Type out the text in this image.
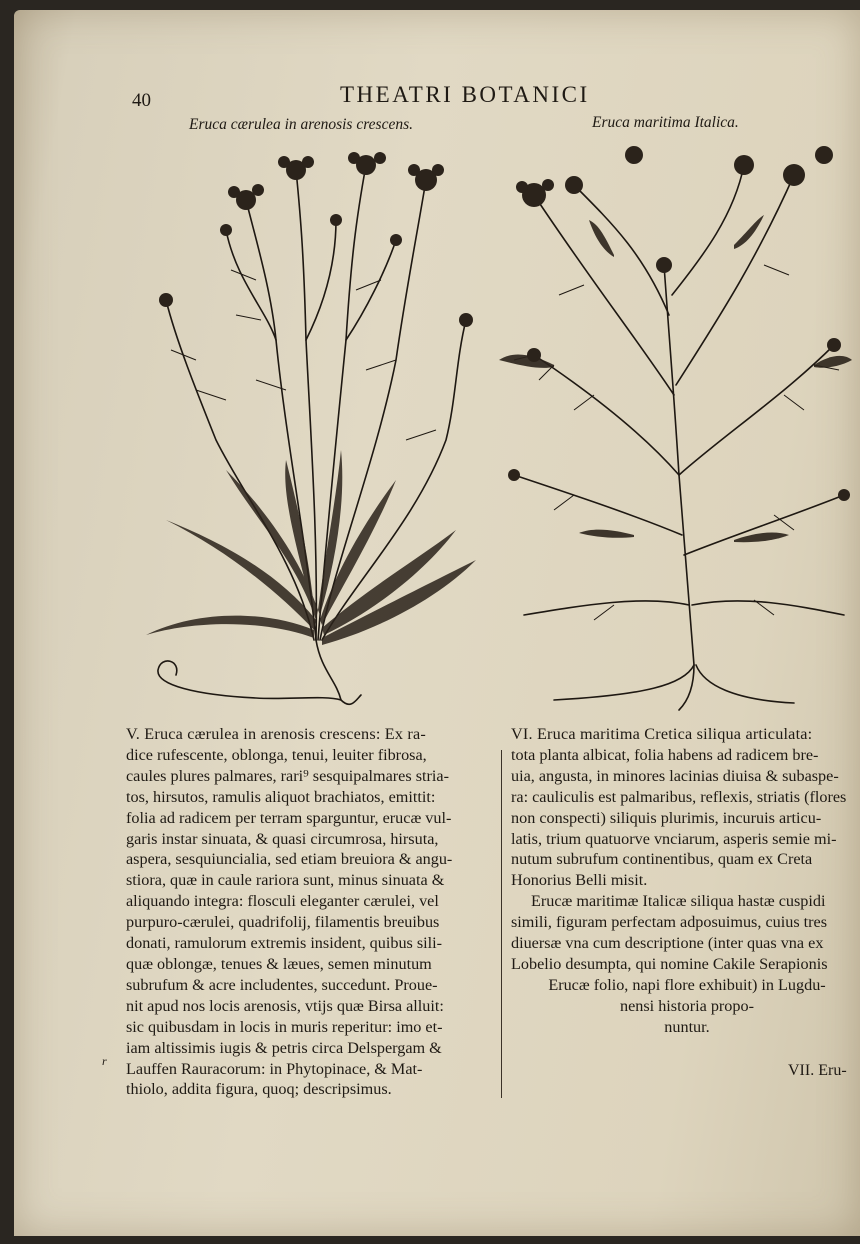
40	THEATRI BOTANICI
Eruca cærulea in arenosis crescens.	Eruca maritima Italica.
V. Eruca cærulea in arenosis crescens: Ex ra-
dice rufescente, oblonga, tenui, leuiter fibrosa,
caules plures palmares, rari⁹ sesquipalmares stria-
tos, hirsutos, ramulis aliquot brachiatos, emittit:
folia ad radicem per terram sparguntur, erucæ vul-
garis instar sinuata, & quasi circumrosa, hirsuta,
aspera, sesquiuncialia, sed etiam breuiora & angu-
stiora, quæ in caule rariora sunt, minus sinuata &
aliquando integra: flosculi eleganter cærulei, vel
purpuro-cærulei, quadrifolij, filamentis breuibus
donati, ramulorum extremis insident, quibus sili-
quæ oblongæ, tenues & læues, semen minutum
subrufum & acre includentes, succedunt. Proue-
nit apud nos locis arenosis, vtijs quæ Birsa alluit:
sic quibusdam in locis in muris reperitur: imo et-
iam altissimis iugis & petris circa Delspergam &
Lauffen Rauracorum: in Phytopinace, & Mat-
thiolo, addita figura, quoq; descripsimus.
VI. Eruca maritima Cretica siliqua articulata:
tota planta albicat, folia habens ad radicem bre-
uia, angusta, in minores lacinias diuisa & subaspe-
ra: cauliculis est palmaribus, reflexis, striatis (flores
non conspecti) siliquis plurimis, incuruis articu-
latis, trium quatuorve vnciarum, asperis semie mi-
nutum subrufum continentibus, quam ex Creta
Honorius Belli misit.
Erucæ maritimæ Italicæ siliqua hastæ cuspidi
simili, figuram perfectam adposuimus, cuius tres
diuersæ vna cum descriptione (inter quas vna ex
Lobelio desumpta, qui nomine Cakile Serapionis
Erucæ folio, napi flore exhibuit) in Lugdu-
nensi historia propo-
nuntur.
VII. Eru-
r
